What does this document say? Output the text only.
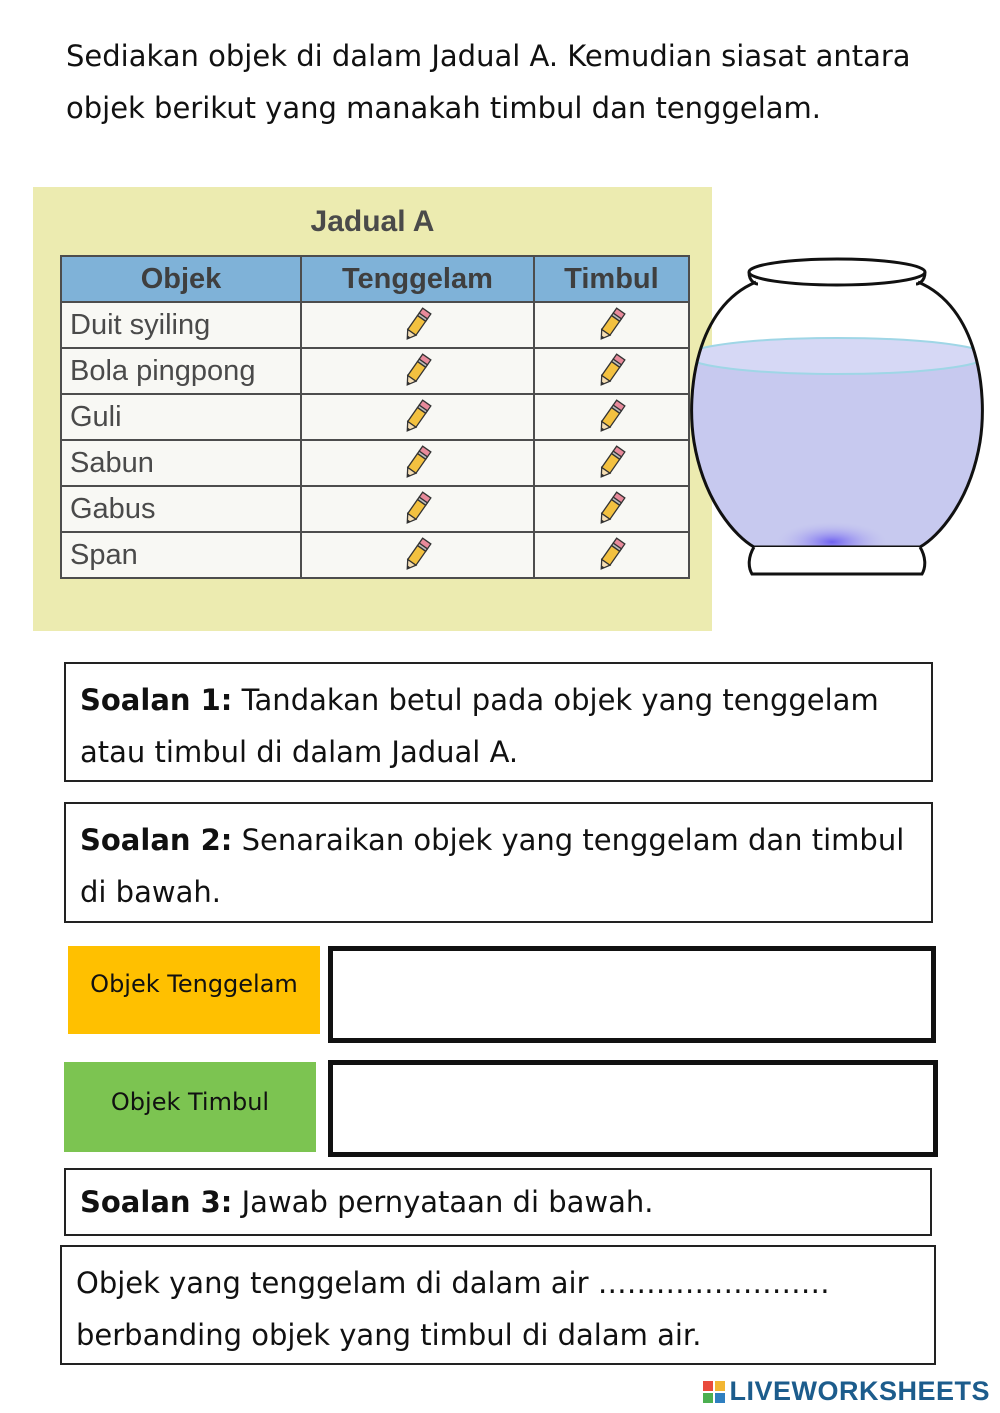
Sediakan objek di dalam Jadual A. Kemudian siasat antara objek berikut yang manakah timbul dan tenggelam.

Jadual A
Objek	Tenggelam	Timbul
Duit syiling		
Bola pingpong		
Guli		
Sabun		
Gabus		
Span		
Soalan 1: Tandakan betul pada objek yang tenggelam atau timbul di dalam Jadual A.
Soalan 2: Senaraikan objek yang tenggelam dan timbul di bawah.
Objek Tenggelam
Objek Timbul
Soalan 3: Jawab pernyataan di bawah.
Objek yang tenggelam di dalam air ……………………
berbanding objek yang timbul di dalam air.
LIVEWORKSHEETS
